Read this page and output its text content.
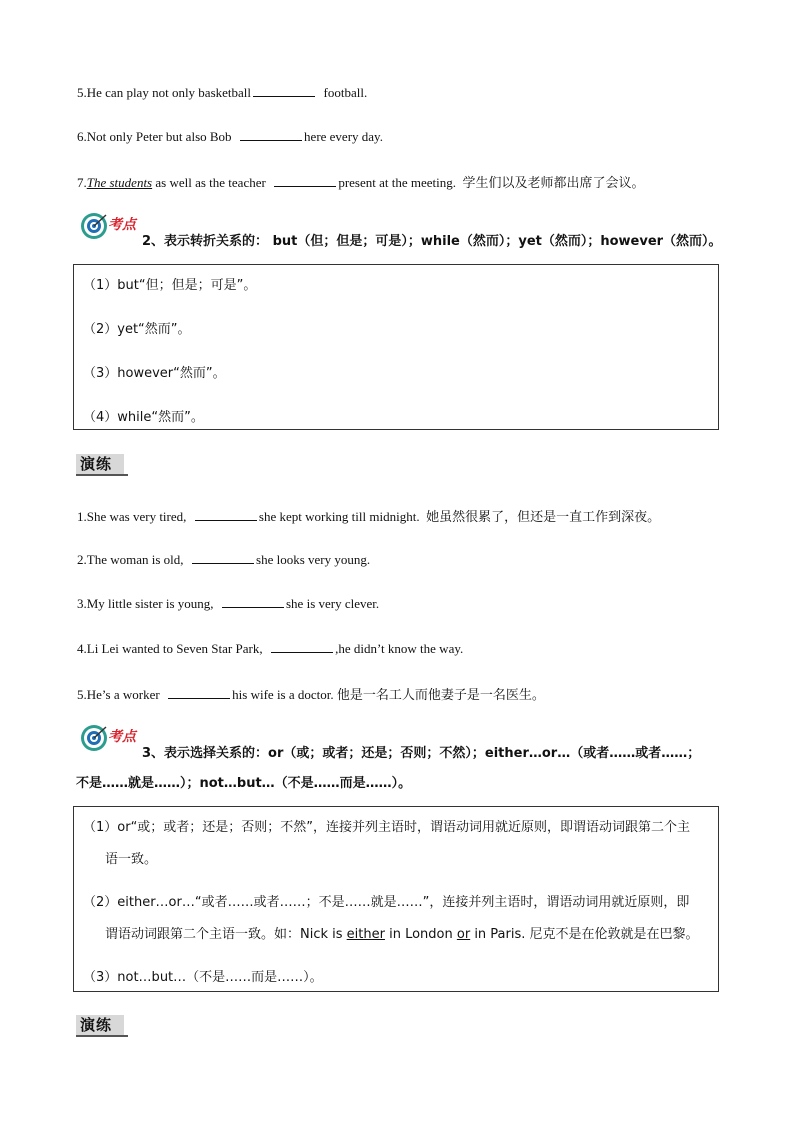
5.He can play not only basketball	football.
6.Not only Peter but also Bob	here every day.
7.The students as well as the teacher	present at the meeting. 学生们以及老师都出席了会议。
考点
2、表示转折关系的： but（但；但是；可是）；while（然而）；yet（然而）；however（然而）。
（1）but“但；但是；可是”。
（2）yet“然而”。
（3）however“然而”。
（4）while“然而”。
演练
1.She was very tired,	she kept working till midnight. 她虽然很累了，但还是一直工作到深夜。
2.The woman is old,	she looks very young.
3.My little sister is young,	she is very clever.
4.Li Lei wanted to Seven Star Park,	,he didn’t know the way.
5.He’s a worker	his wife is a doctor. 他是一名工人而他妻子是一名医生。
考点
3、表示选择关系的：or（或；或者；还是；否则；不然）；either…or…（或者……或者……；
不是……就是……）；not…but…（不是……而是……）。
（1）or“或；或者；还是；否则；不然”，连接并列主语时，谓语动词用就近原则，即谓语动词跟第二个主
语一致。
（2）either…or…“或者……或者……；不是……就是……”，连接并列主语时，谓语动词用就近原则，即
谓语动词跟第二个主语一致。如：Nick is either in London or in Paris. 尼克不是在伦敦就是在巴黎。
（3）not…but…（不是……而是……）。
演练
